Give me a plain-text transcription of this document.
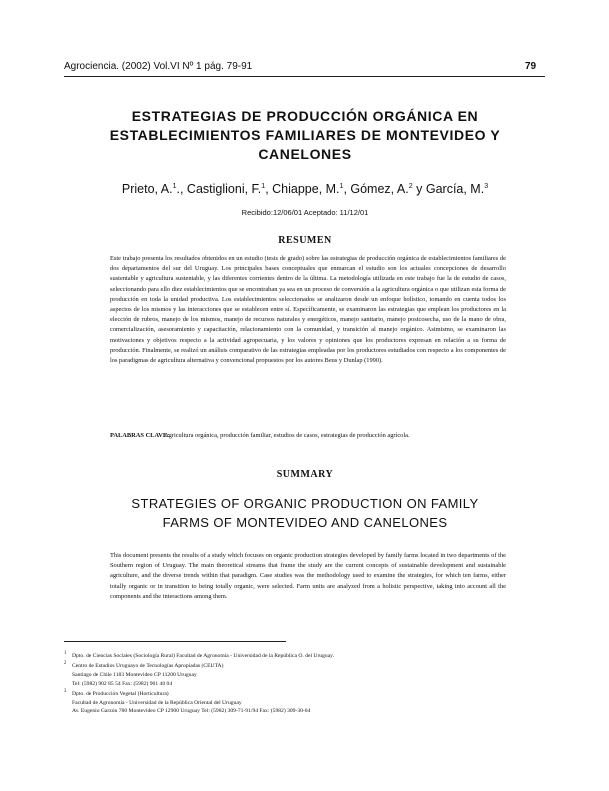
Agrociencia. (2002) Vol.VI Nº 1 pág. 79-91	79
ESTRATEGIAS DE PRODUCCIÓN ORGÁNICA EN
ESTABLECIMIENTOS FAMILIARES DE MONTEVIDEO Y
CANELONES
Prieto, A.$^1$., Castiglioni, F.$^1$, Chiappe, M.$^1$, Gómez, A.$^2$ y García, M.$^3$
Recibido:12/06/01 Aceptado: 11/12/01
RESUMEN
Este trabajo presenta los resultados obtenidos en un estudio (tesis de grado) sobre las estrategias de producción orgánica de establecimientos familiares de dos departamentos del sur del Uruguay. Los principales bases conceptuales que enmarcan el estudio son los actuales concepciones de desarrollo sustentable y agricultura sustentable, y las diferentes corrientes dentro de la última. La metodología utilizada en este trabajo fue la de estudio de casos, seleccionando para ello diez establecimientos que se encontraban ya sea en un proceso de conversión a la agricultura orgánica o que utilizan esta forma de producción en toda la unidad productiva. Los establecimientos seleccionados se analizaron desde un enfoque holístico, tomando en cuenta todos los aspectos de los mismos y las interacciones que se establecen entre sí. Específicamente, se examinaron las estrategias que emplean los productores en la elección de rubros, manejo de los mismos, manejo de recursos naturales y energéticos, manejo sanitario, manejo postcosecha, uso de la mano de obra, comercialización, asesoramiento y capacitación, relacionamiento con la comunidad, y transición al manejo orgánico. Asimismo, se examinaron las motivaciones y objetivos respecto a la actividad agropecuaria, y los valores y opiniones que los productores expresan en relación a su forma de producción. Finalmente, se realizó un análisis comparativo de las estrategias empleadas por los productores estudiados con respecto a los componentes de los paradigmas de agricultura alternativa y convencional propuestos por los autores Beus y Dunlap (1990).
PALABRAS CLAVE:
Agricultura orgánica, producción familiar, estudios de casos, estrategias de producción agrícola.
SUMMARY
STRATEGIES OF ORGANIC PRODUCTION ON FAMILY
FARMS OF MONTEVIDEO AND CANELONES
This document presents the results of a study which focuses on organic production strategies developed by family farms located in two departments of the Southern region of Uruguay. The main theoretical streams that frame the study are the current concepts of sustainable development and sustainable agriculture, and the diverse trends within that paradigm. Case studies was the methodology used to examine the strategies, for which ten farms, either totally organic or in transition to being totally organic, were selected. Farm units are analyzed from a holistic perspective, taking into account all the components and the interactions among them.

$^1$ Dpto. de Ciencias Sociales (Sociología Rural) Facultad de Agronomía - Universidad de la República O. del Uruguay.

$^2$ Centro de Estudios Uruguayo de Tecnologías Apropiadas (CEUTA)

Santiago de Chile 1183 Montevideo CP 11200 Uruguay

Tel: (5982) 902 85 54 Fax: (5982) 901 40 04

$^3$ Dpto. de Producción Vegetal (Horticultura)

Facultad de Agronomía - Universidad de la República Oriental del Uruguay

Av. Eugenio Garzón 780 Montevideo CP 12900 Uruguay Tel: (5982) 309-71-91/94 Fax: (5982) 309-30-04
